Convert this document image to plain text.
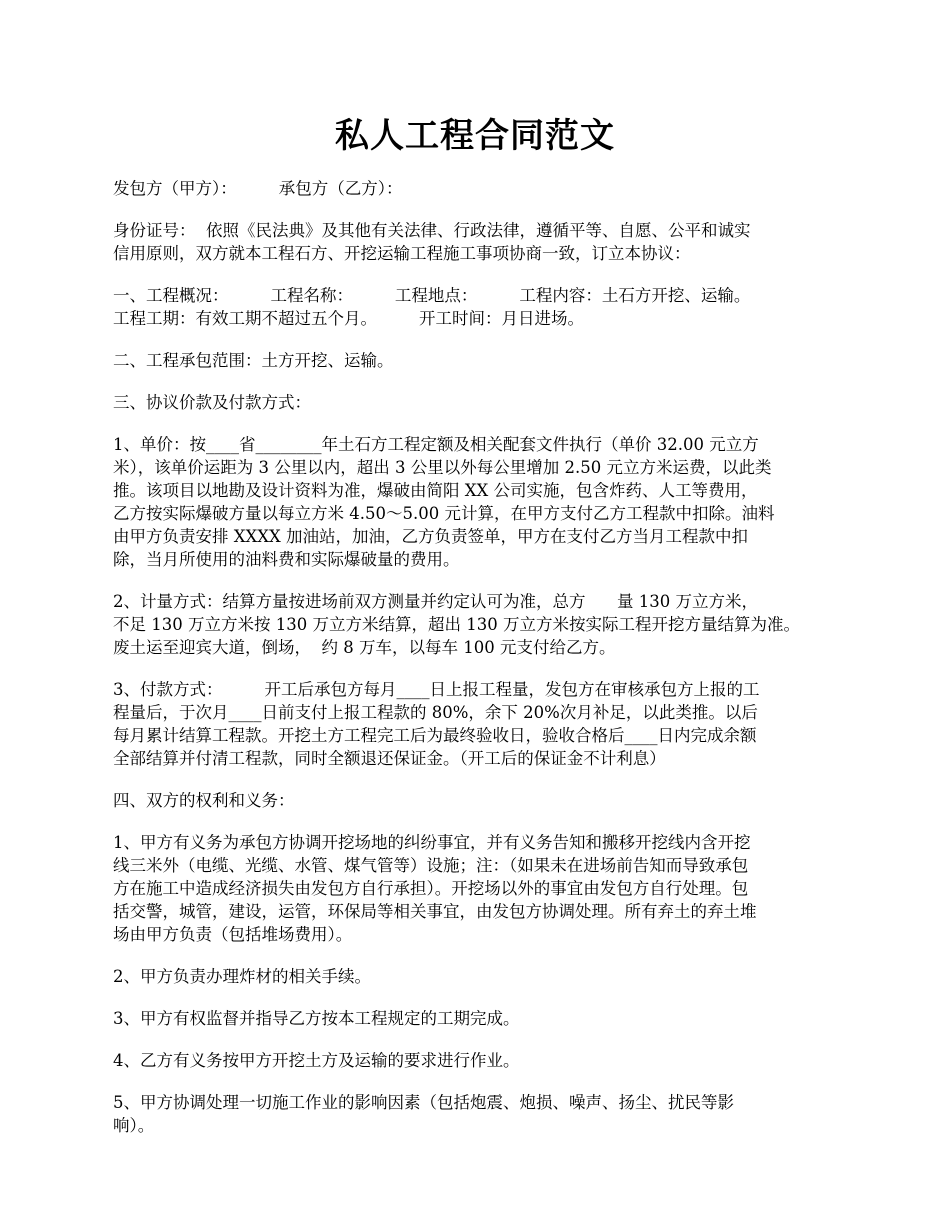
私人工程合同范文
发包方（甲方）：        承包方（乙方）：
身份证号：  依照《民法典》及其他有关法律、行政法律，遵循平等、自愿、公平和诚实
信用原则，双方就本工程石方、开挖运输工程施工事项协商一致，订立本协议：
一、工程概况：        工程名称：        工程地点：        工程内容：土石方开挖、运输。
工程工期：有效工期不超过五个月。        开工时间：月日进场。
二、工程承包范围：土方开挖、运输。
三、协议价款及付款方式：
1、单价：按____省________年土石方工程定额及相关配套文件执行（单价 32.00 元立方
米），该单价运距为 3 公里以内，超出 3 公里以外每公里增加 2.50 元立方米运费，以此类
推。该项目以地勘及设计资料为准，爆破由简阳 XX 公司实施，包含炸药、人工等费用，
乙方按实际爆破方量以每立方米 4.50～5.00 元计算，在甲方支付乙方工程款中扣除。油料
由甲方负责安排 XXXX 加油站，加油，乙方负责签单，甲方在支付乙方当月工程款中扣
除，当月所使用的油料费和实际爆破量的费用。
2、计量方式：结算方量按进场前双方测量并约定认可为准，总方      量 130 万立方米，
不足 130 万立方米按 130 万立方米结算，超出 130 万立方米按实际工程开挖方量结算为准。
废土运至迎宾大道，倒场，  约 8 万车，以每车 100 元支付给乙方。
3、付款方式：        开工后承包方每月____日上报工程量，发包方在审核承包方上报的工
程量后，于次月____日前支付上报工程款的 80%，余下 20%次月补足，以此类推。以后
每月累计结算工程款。开挖土方工程完工后为最终验收日，验收合格后____日内完成余额
全部结算并付清工程款，同时全额退还保证金。（开工后的保证金不计利息）
四、双方的权利和义务：
1、甲方有义务为承包方协调开挖场地的纠纷事宜，并有义务告知和搬移开挖线内含开挖
线三米外（电缆、光缆、水管、煤气管等）设施；注：（如果未在进场前告知而导致承包
方在施工中造成经济损失由发包方自行承担）。开挖场以外的事宜由发包方自行处理。包
括交警，城管，建设，运管，环保局等相关事宜，由发包方协调处理。所有弃土的弃土堆
场由甲方负责（包括堆场费用）。
2、甲方负责办理炸材的相关手续。
3、甲方有权监督并指导乙方按本工程规定的工期完成。
4、乙方有义务按甲方开挖土方及运输的要求进行作业。
5、甲方协调处理一切施工作业的影响因素（包括炮震、炮损、噪声、扬尘、扰民等影
响）。
